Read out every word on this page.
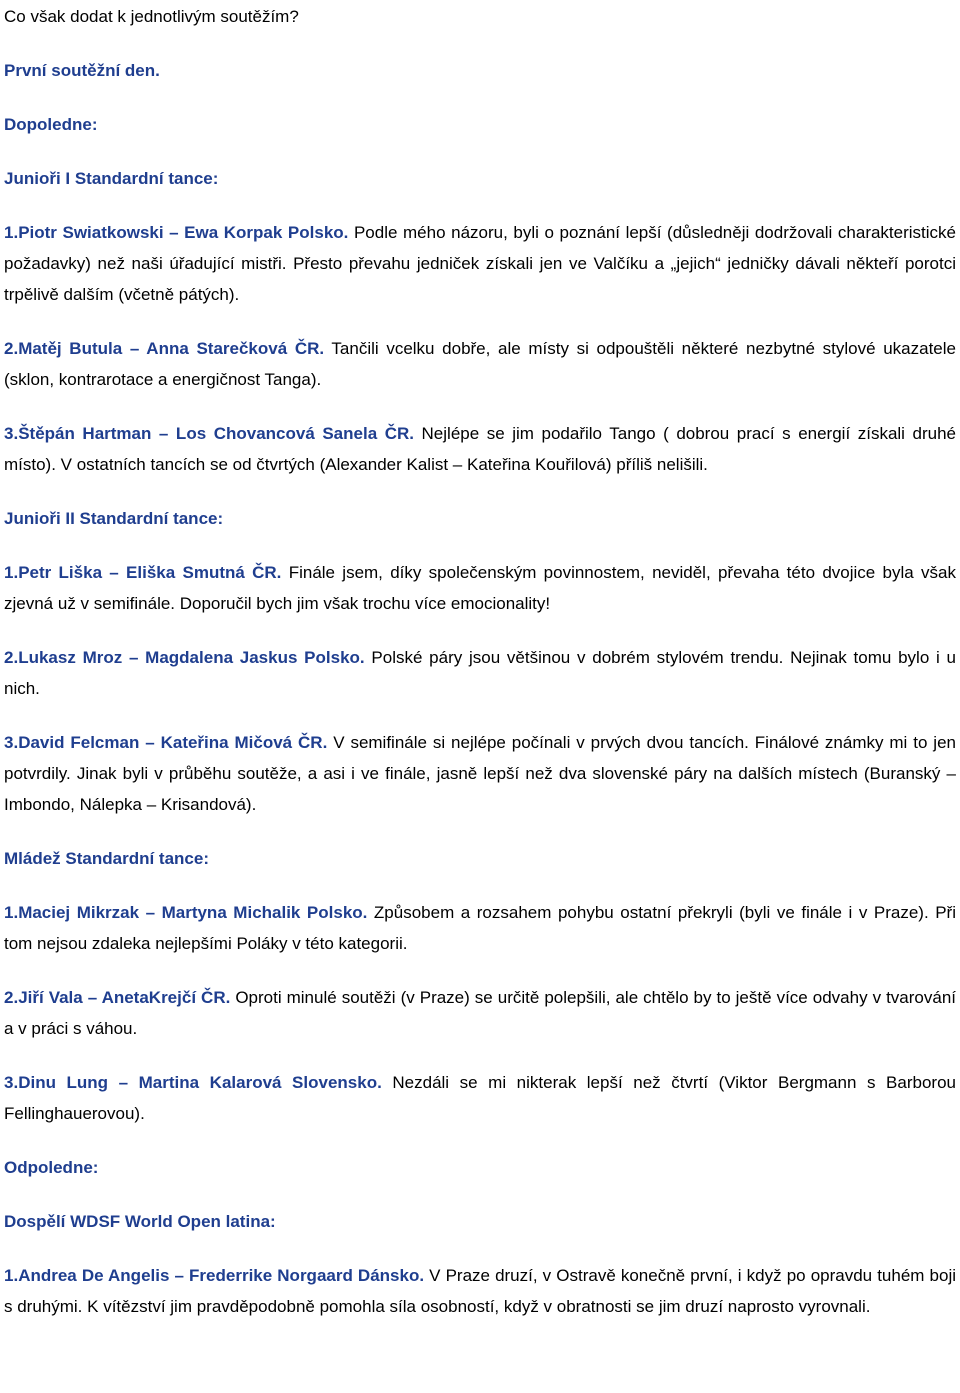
Co však dodat k jednotlivým soutěžím?

První soutěžní den.

Dopoledne:

Junioři I Standardní tance:

1.Piotr Swiatkowski – Ewa Korpak Polsko. Podle mého názoru, byli o poznání lepší (důsledněji dodržovali charakteristické požadavky) než naši úřadující mistři. Přesto převahu jedniček získali jen ve Valčíku a „jejich“ jedničky dávali někteří porotci trpělivě dalším (včetně pátých).

2.Matěj Butula – Anna Starečková ČR. Tančili vcelku dobře, ale místy si odpouštěli některé nezbytné stylové ukazatele (sklon, kontrarotace a energičnost Tanga).

3.Štěpán Hartman – Los Chovancová Sanela ČR. Nejlépe se jim podařilo Tango ( dobrou prací s energií získali druhé místo). V ostatních tancích se od čtvrtých (Alexander Kalist – Kateřina Kouřilová) příliš nelišili.

Junioři II Standardní tance:

1.Petr Liška – Eliška Smutná ČR. Finále jsem, díky společenským povinnostem, neviděl, převaha této dvojice byla však zjevná už v semifinále. Doporučil bych jim však trochu více emocionality!

2.Lukasz Mroz – Magdalena Jaskus Polsko. Polské páry jsou většinou v dobrém stylovém trendu. Nejinak tomu bylo i u nich.

3.David Felcman – Kateřina Mičová ČR. V semifinále si nejlépe počínali v prvých dvou tancích. Finálové známky mi to jen potvrdily. Jinak byli v průběhu soutěže, a asi i ve finále, jasně lepší než dva slovenské páry na dalších místech (Buranský – Imbondo, Nálepka – Krisandová).

Mládež Standardní tance:

1.Maciej Mikrzak – Martyna Michalik Polsko. Způsobem a rozsahem pohybu ostatní překryli (byli ve finále i v Praze). Při tom nejsou zdaleka nejlepšími Poláky v této kategorii.

2.Jiří Vala – AnetaKrejčí ČR. Oproti minulé soutěži (v Praze) se určitě polepšili, ale chtělo by to ještě více odvahy v tvarování a v práci s váhou.

3.Dinu Lung – Martina Kalarová Slovensko. Nezdáli se mi nikterak lepší než čtvrtí (Viktor Bergmann s Barborou Fellinghauerovou).

Odpoledne:

Dospělí WDSF World Open latina:

1.Andrea De Angelis – Frederrike Norgaard Dánsko. V Praze druzí, v Ostravě konečně první, i když po opravdu tuhém boji s druhými. K vítězství jim pravděpodobně pomohla síla osobností, když v obratnosti se jim druzí naprosto vyrovnali.
